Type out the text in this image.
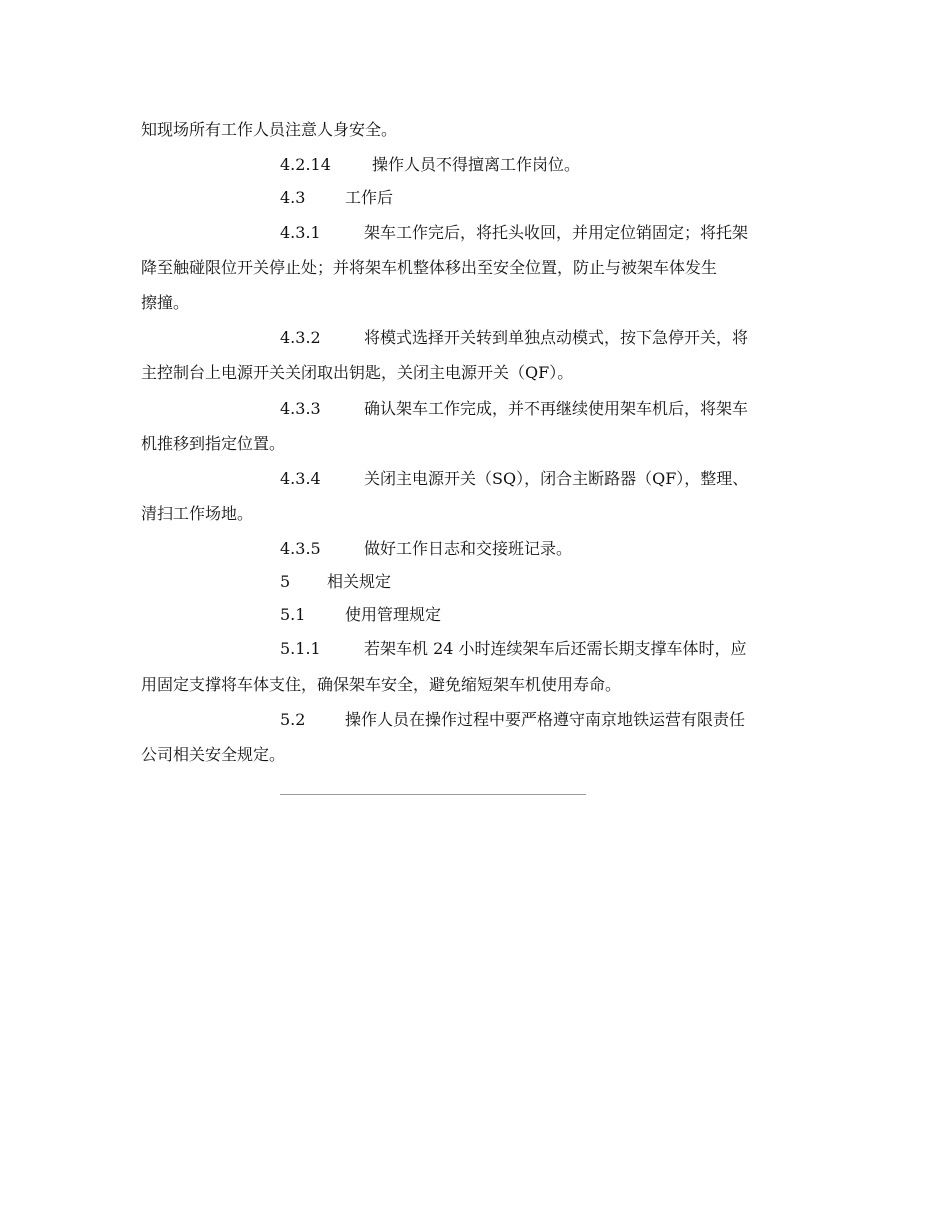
知现场所有工作人员注意人身安全。
4.2.14	操作人员不得擅离工作岗位。
4.3 工作后
4.3.1	架车工作完后，将托头收回，并用定位销固定；将托架
降至触碰限位开关停止处；并将架车机整体移出至安全位置，防止与被架车体发生
擦撞。
4.3.2	将模式选择开关转到单独点动模式，按下急停开关，将
主控制台上电源开关关闭取出钥匙，关闭主电源开关（QF）。
4.3.3	确认架车工作完成，并不再继续使用架车机后，将架车
机推移到指定位置。
4.3.4	关闭主电源开关（SQ），闭合主断路器（QF），整理、
清扫工作场地。
4.3.5	做好工作日志和交接班记录。
5 相关规定
5.1 使用管理规定
5.1.1	若架车机 24 小时连续架车后还需长期支撑车体时，应
用固定支撑将车体支住，确保架车安全，避免缩短架车机使用寿命。
5.2 操作人员在操作过程中要严格遵守南京地铁运营有限责任
公司相关安全规定。
